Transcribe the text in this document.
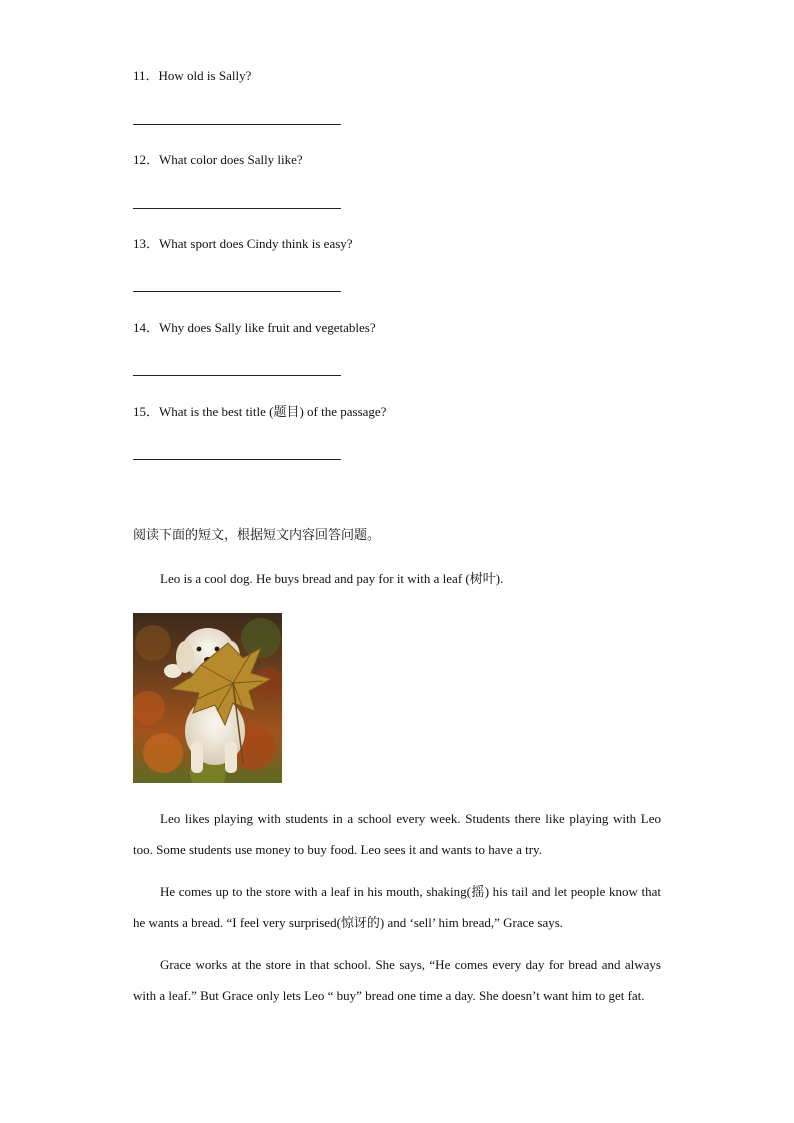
11．How old is Sally?
12．What color does Sally like?
13．What sport does Cindy think is easy?
14．Why does Sally like fruit and vegetables?
15．What is the best title (题目) of the passage?
阅读下面的短文，根据短文内容回答问题。
Leo is a cool dog. He buys bread and pay for it with a leaf (树叶).
Leo likes playing with students in a school every week. Students there like playing with Leo too. Some students use money to buy food. Leo sees it and wants to have a try.
He comes up to the store with a leaf in his mouth, shaking(摇) his tail and let people know that he wants a bread. “I feel very surprised(惊讶的) and ‘sell’ him bread,” Grace says.
Grace works at the store in that school. She says, “He comes every day for bread and always with a leaf.” But Grace only lets Leo “ buy” bread one time a day. She doesn’t want him to get fat.
